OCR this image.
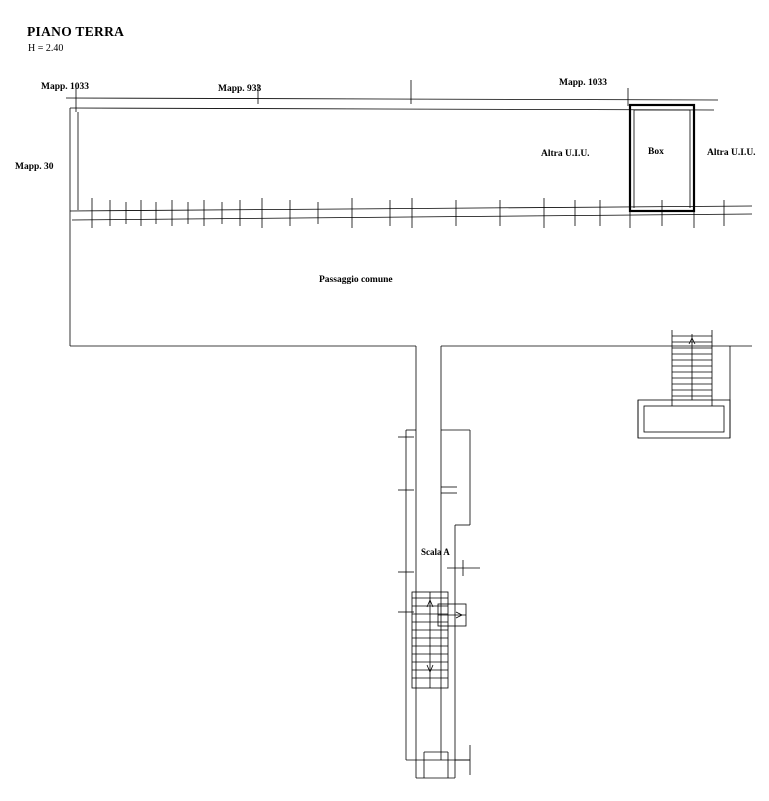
PIANO TERRA
H = 2.40
Mapp. 1033	Mapp. 933
Mapp. 1033
Mapp. 30
Altra U.I.U.	Box	Altra U.I.U.
Passaggio comune
Scala A
